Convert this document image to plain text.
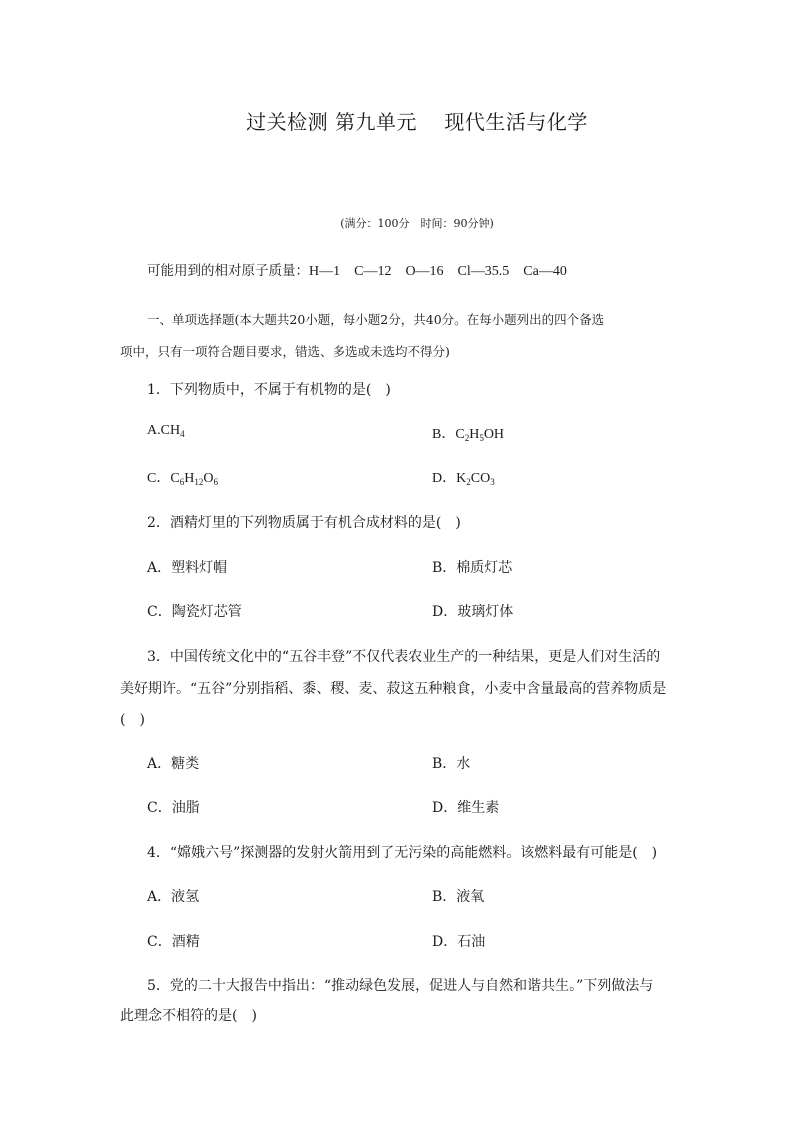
过关检测 第九单元　 现代生活与化学
(满分：100分　时间：90分钟)
可能用到的相对原子质量：H—1　C—12　O—16　Cl—35.5　Ca—40
一、单项选择题(本大题共20小题，每小题2分，共40分。在每小题列出的四个备选
项中，只有一项符合题目要求，错选、多选或未选均不得分)
1．下列物质中，不属于有机物的是(　)
$A.CH_4$	B．$C_2H_5OH$
C．$C_6H_{12}O_6$	D．$K_2CO_3$
2．酒精灯里的下列物质属于有机合成材料的是(　)
A．塑料灯帽	B．棉质灯芯
C．陶瓷灯芯管	D．玻璃灯体
3．中国传统文化中的“五谷丰登”不仅代表农业生产的一种结果，更是人们对生活的
美好期许。“五谷”分别指稻、黍、稷、麦、菽这五种粮食，小麦中含量最高的营养物质是
(　)
A．糖类	B．水
C．油脂	D．维生素
4．“嫦娥六号”探测器的发射火箭用到了无污染的高能燃料。该燃料最有可能是(　)
A．液氢	B．液氧
C．酒精	D．石油
5．党的二十大报告中指出：“推动绿色发展，促进人与自然和谐共生。”下列做法与
此理念不相符的是(　)
